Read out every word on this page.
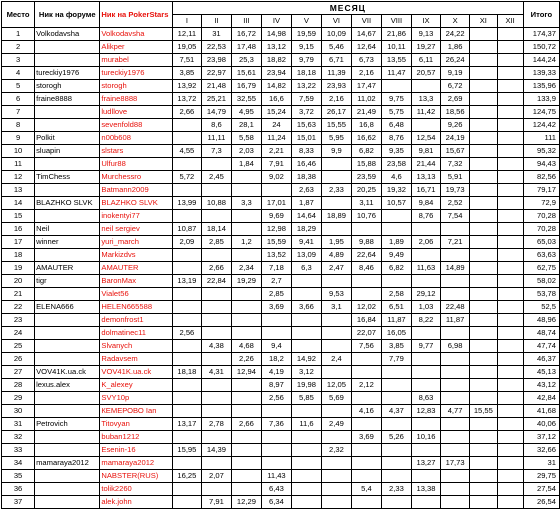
Место	Ник на форуме	Ник на PokerStars	МЕСЯЦ												Итого
			I	II	III	IV	V	VI	VII	VIII	IX	X	XI	XII	
1	Volkodavsha	Volkodavsha	12,11	31	16,72	14,98	19,59	10,09	14,67	21,86	9,13	24,22			174,37
2		Alikper	19,05	22,53	17,48	13,12	9,15	5,46	12,64	10,11	19,27	1,86			150,72
3		murabel	7,51	23,98	25,3	18,82	9,79	6,71	6,73	13,55	6,11	26,24			144,24
4	tureckiy1976	tureckiy1976	3,85	22,97	15,61	23,94	18,18	11,39	2,16	11,47	20,57	9,19			139,33
5	storogh	storogh	13,92	21,48	16,79	14,82	13,22	23,93	17,47			6,72			135,96
6	fraine8888	fraine8888	13,72	25,21	32,55	16,6	7,59	2,16	11,02	9,75	13,3	2,69			133,9
7		ludllove	2,66	14,79	4,95	15,24	3,72	26,17	21,49	5,75	11,42	18,56			124,75
8		sevenfold88		8,6	28,1	24	15,63	15,55	16,8	6,48		9,26			124,42
9	Polkit	n00b608		11,11	5,58	11,24	15,01	5,95	16,62	8,76	12,54	24,19			111
10	sluapin	slstars	4,55	7,3	2,03	2,21	8,33	9,9	6,82	9,35	9,81	15,67			95,32
11		Ulfur88			1,84	7,91	16,46		15,88	23,58	21,44	7,32			94,43
12	TimChess	Murchessro	5,72	2,45		9,02	18,38		23,59	4,6	13,13	5,91			82,56
13		Batmann2009					2,63	2,33	20,25	19,32	16,71	19,73			79,17
14	BLAZHKO SLVK	BLAZHKO SLVK	13,99	10,88	3,3	17,01	1,87		3,11	10,57	9,84	2,52			72,9
15		inokentyi77				9,69	14,64	18,89	10,76		8,76	7,54			70,28
16	Neil	neil sergiev	10,87	18,14		12,98	18,29								70,28
17	winner	yuri_march	2,09	2,85	1,2	15,59	9,41	1,95	9,88	1,89	2,06	7,21			65,03
18		Markizdvs				13,52	13,09	4,89	22,64	9,49					63,63
19	AMAUTER	AMAUTER		2,66	2,34	7,18	6,3	2,47	8,46	6,82	11,63	14,89			62,75
20	tigr	BaronMax	13,19	22,84	19,29	2,7									58,02
21		Vialet56				2,85		9,53		2,58	29,12				53,78
22	ELENA666	HELEN665588				3,69	3,66	3,1	12,02	6,51	1,03	22,48			52,5
23		demonfrost1							16,84	11,87	8,22	11,87			48,96
24		dolmatinec11	2,56						22,07	16,05					48,74
25		Slvanych		4,38	4,68	9,4			7,56	3,85	9,77	6,98			47,74
26		Radavsem			2,26	18,2	14,92	2,4		7,79					46,37
27	VOV41K.ua.ck	VOV41K.ua.ck	18,18	4,31	12,94	4,19	3,12								45,13
28	lexus.alex	K_alexey				8,97	19,98	12,05	2,12						43,12
29		SVY10p				2,56	5,85	5,69			8,63				42,84
30		КЕМЕРОВО Ian							4,16	4,37	12,83	4,77	15,55		41,68
31	Petrovich	Titovyan	13,17	2,78	2,66	7,36	11,6	2,49							40,06
32		buban1212							3,69	5,26	10,16				37,12
33		Esenin-16	15,95	14,39				2,32							32,66
34	mamaraya2012	mamaraya2012									13,27	17,73			31
35		NABSTER(RUS)	16,25	2,07		11,43									29,75
36		tolik2260				6,43			5,4	2,33	13,38				27,54
37		alek.john		7,91	12,29	6,34									26,54
